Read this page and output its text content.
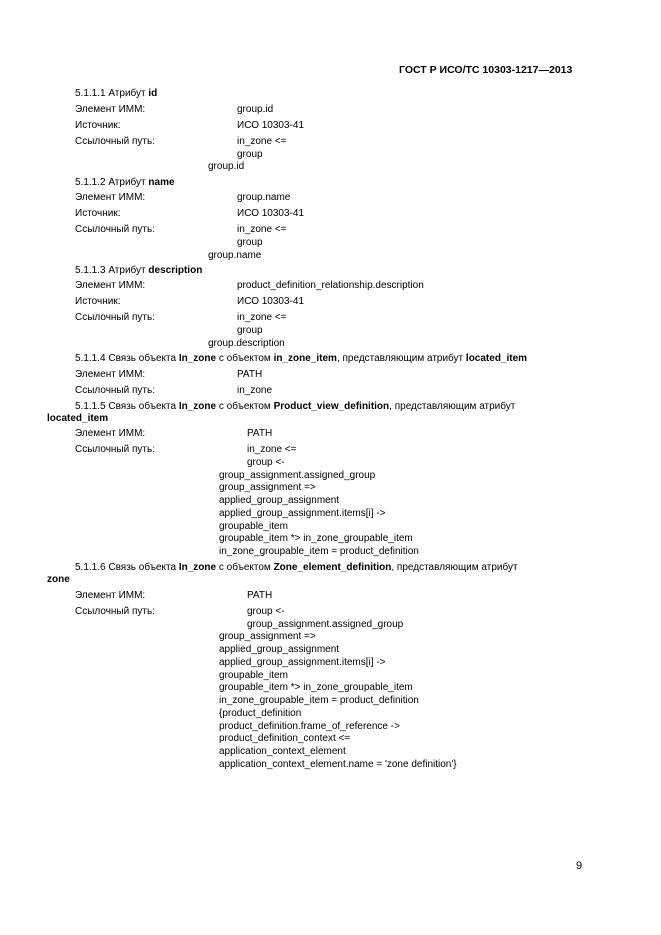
ГОСТ Р ИСО/ТС 10303-1217—2013
5.1.1.1 Атрибут id
Элемент ИММ:	group.id
Источник:	ИСО 10303-41
Ссылочный путь:	in_zone <=
group
group.id
5.1.1.2 Атрибут name
Элемент ИММ:	group.name
Источник:	ИСО 10303-41
Ссылочный путь:	in_zone <=
group
group.name
5.1.1.3 Атрибут description
Элемент ИММ:	product_definition_relationship.description
Источник:	ИСО 10303-41
Ссылочный путь:	in_zone <=
group
group.description
5.1.1.4 Связь объекта In_zone с объектом in_zone_item, представляющим атрибут located_item
Элемент ИММ:	PATH
Ссылочный путь:	in_zone
5.1.1.5 Связь объекта In_zone с объектом Product_view_definition, представляющим атрибут
located_item
Элемент ИММ:	PATH
Ссылочный путь:	in_zone <=
group <-
group_assignment.assigned_group
group_assignment =>
applied_group_assignment
applied_group_assignment.items[i] ->
groupable_item
groupable_item *> in_zone_groupable_item
in_zone_groupable_item = product_definition
5.1.1.6 Связь объекта In_zone с объектом Zone_element_definition, представляющим атрибут
zone
Элемент ИММ:	PATH
Ссылочный путь:	group <-
group_assignment.assigned_group
group_assignment =>
applied_group_assignment
applied_group_assignment.items[i] ->
groupable_item
groupable_item *> in_zone_groupable_item
in_zone_groupable_item = product_definition
{product_definition
product_definition.frame_of_reference ->
product_definition_context <=
application_context_element
application_context_element.name = 'zone definition'}
9
